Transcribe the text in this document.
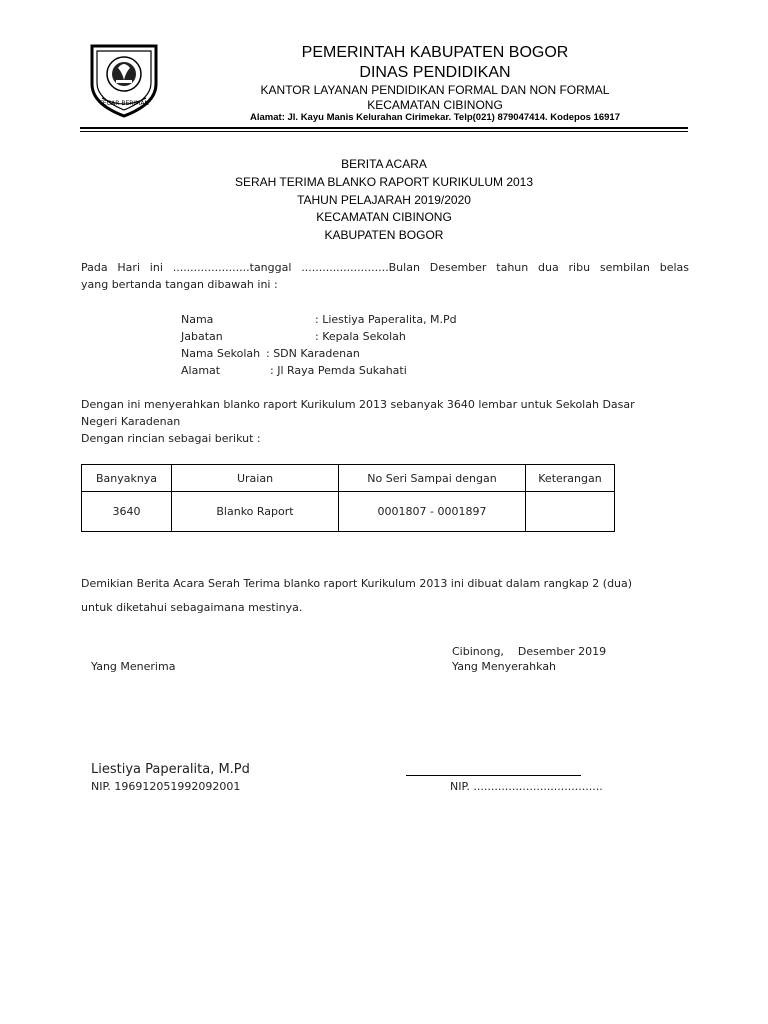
TEGAR BERIMAN
PEMERINTAH KABUPATEN BOGOR
DINAS PENDIDIKAN
KANTOR LAYANAN PENDIDIKAN FORMAL DAN NON FORMAL
KECAMATAN CIBINONG
Alamat: Jl. Kayu Manis Kelurahan Cirimekar. Telp(021) 879047414. Kodepos 16917
BERITA ACARA
SERAH TERIMA BLANKO RAPORT KURIKULUM 2013
TAHUN PELAJARAH 2019/2020
KECAMATAN CIBINONG
KABUPATEN BOGOR
Pada Hari ini ......................tanggal .........................Bulan Desember tahun dua ribu sembilan belas
yang bertanda tangan dibawah ini :
Nama	: Liestiya Paperalita, M.Pd
Jabatan	: Kepala Sekolah
Nama Sekolah : SDN Karadenan
Alamat	: Jl Raya Pemda Sukahati
Dengan ini menyerahkan blanko raport Kurikulum 2013 sebanyak 3640 lembar untuk Sekolah Dasar
Negeri Karadenan
Dengan rincian sebagai berikut :
Banyaknya	Uraian	No Seri Sampai dengan	Keterangan
3640	Blanko Raport	0001807 - 0001897	
Demikian Berita Acara Serah Terima blanko raport Kurikulum 2013 ini dibuat dalam rangkap 2 (dua)
untuk diketahui sebagaimana mestinya.
Cibinong,    Desember 2019
Yang Menerima	Yang Menyerahkah
Liestiya Paperalita, M.Pd
NIP. 196912051992092001	NIP. .....................................
